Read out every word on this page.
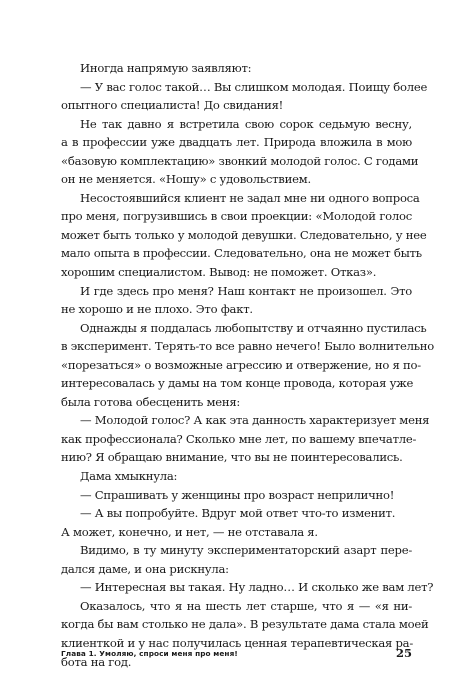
Иногда напрямую заявляют:
— У вас голос такой… Вы слишком молодая. Поищу более
опытного специалиста! До свидания!
Не так давно я встретила свою сорок седьмую весну,
а в профессии уже двадцать лет. Природа вложила в мою
«базовую комплектацию» звонкий молодой голос. С годами
он не меняется. «Ношу» с удовольствием.
Несостоявшийся клиент не задал мне ни одного вопроса
про меня, погрузившись в свои проекции: «Молодой голос
может быть только у молодой девушки. Следовательно, у нее
мало опыта в профессии. Следовательно, она не может быть
хорошим специалистом. Вывод: не поможет. Отказ».
И где здесь про меня? Наш контакт не произошел. Это
не хорошо и не плохо. Это факт.
Однажды я поддалась любопытству и отчаянно пустилась
в эксперимент. Терять-то все равно нечего! Было волнительно
«порезаться» о возможные агрессию и отвержение, но я по-
интересовалась у дамы на том конце провода, которая уже
была готова обесценить меня:
— Молодой голос? А как эта данность характеризует меня
как профессионала? Сколько мне лет, по вашему впечатле-
нию? Я обращаю внимание, что вы не поинтересовались.
Дама хмыкнула:
— Спрашивать у женщины про возраст неприлично!
— А вы попробуйте. Вдруг мой ответ что-то изменит.
А может, конечно, и нет, — не отставала я.
Видимо, в ту минуту экспериментаторский азарт пере-
дался даме, и она рискнула:
— Интересная вы такая. Ну ладно… И сколько же вам лет?
Оказалось, что я на шесть лет старше, что я — «я ни-
когда бы вам столько не дала». В результате дама стала моей
клиенткой и у нас получилась ценная терапевтическая ра-
бота на год.
Глава 1. Умоляю, спроси меня про меня!	25
